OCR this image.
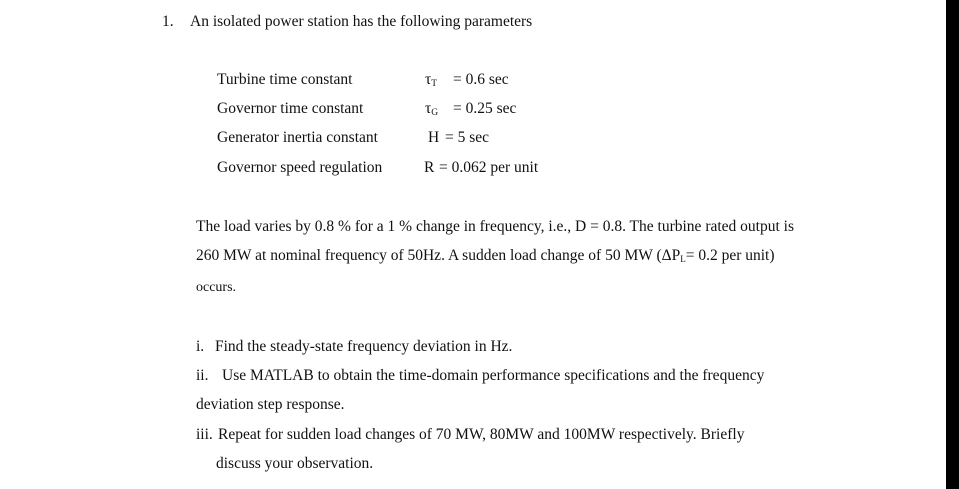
1. An isolated power station has the following parameters
Turbine time constant	$\tau_T = 0.6$ sec
Governor time constant	$\tau_G = 0.25$ sec
Generator inertia constant	H = 5 sec
Governor speed regulation	R = 0.062 per unit
The load varies by 0.8 % for a 1 % change in frequency, i.e., D = 0.8. The turbine rated output is
260 MW at nominal frequency of 50Hz. A sudden load change of 50 MW (ΔPL= 0.2 per unit)
occurs.
i. Find the steady-state frequency deviation in Hz.
ii. Use MATLAB to obtain the time-domain performance specifications and the frequency
deviation step response.
iii. Repeat for sudden load changes of 70 MW, 80MW and 100MW respectively. Briefly
discuss your observation.
